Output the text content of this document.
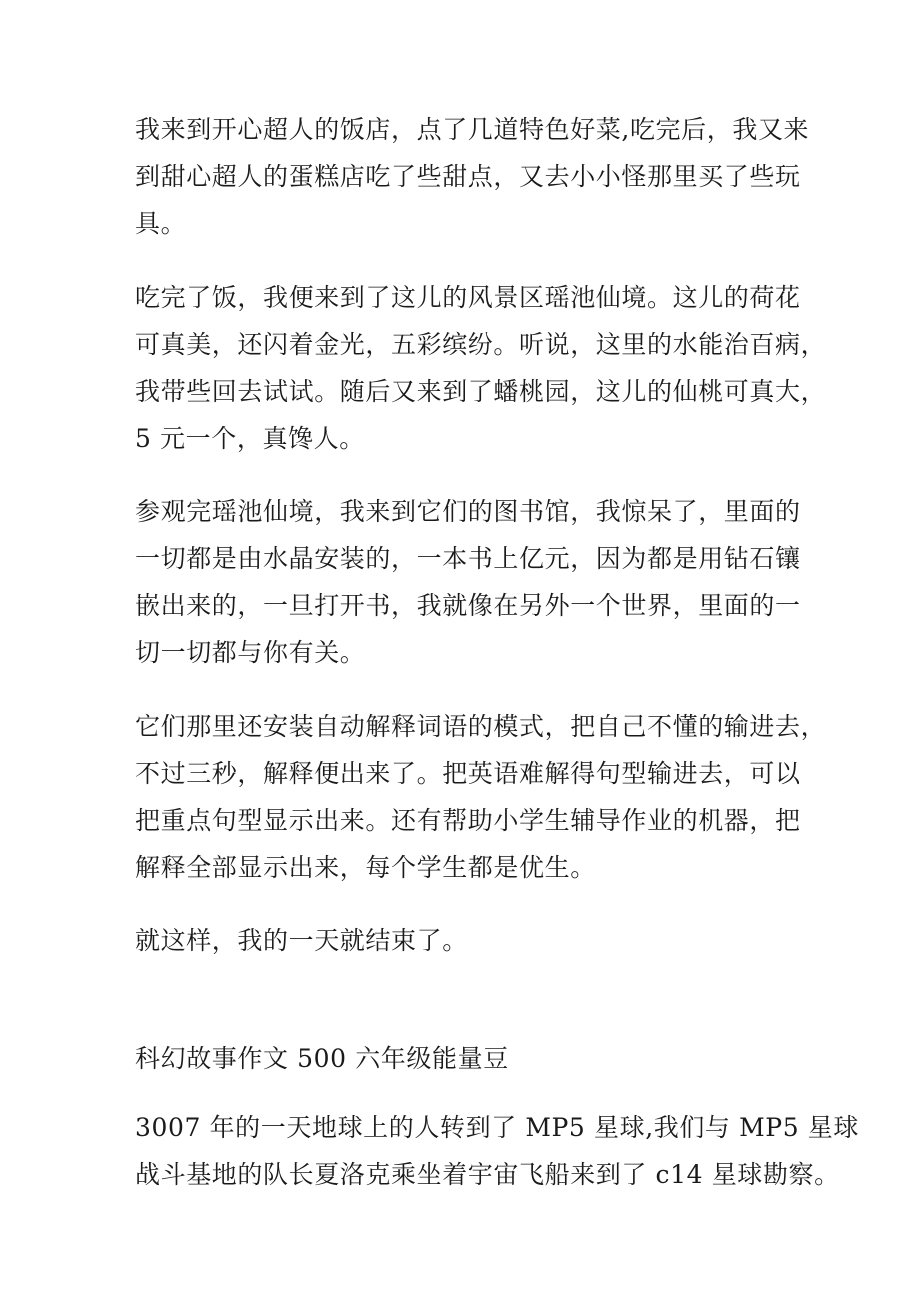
我来到开心超人的饭店，点了几道特色好菜,吃完后，我又来
到甜心超人的蛋糕店吃了些甜点，又去小小怪那里买了些玩
具。

吃完了饭，我便来到了这儿的风景区瑶池仙境。这儿的荷花
可真美，还闪着金光，五彩缤纷。听说，这里的水能治百病，
我带些回去试试。随后又来到了蟠桃园，这儿的仙桃可真大，
5 元一个，真馋人。

参观完瑶池仙境，我来到它们的图书馆，我惊呆了，里面的
一切都是由水晶安装的，一本书上亿元，因为都是用钻石镶
嵌出来的，一旦打开书，我就像在另外一个世界，里面的一
切一切都与你有关。

它们那里还安装自动解释词语的模式，把自己不懂的输进去，
不过三秒，解释便出来了。把英语难解得句型输进去，可以
把重点句型显示出来。还有帮助小学生辅导作业的机器，把
解释全部显示出来，每个学生都是优生。

就这样，我的一天就结束了。

科幻故事作文 500 六年级能量豆

3007 年的一天地球上的人转到了 MP5 星球,我们与 MP5 星球
战斗基地的队长夏洛克乘坐着宇宙飞船来到了 c14 星球勘察。
